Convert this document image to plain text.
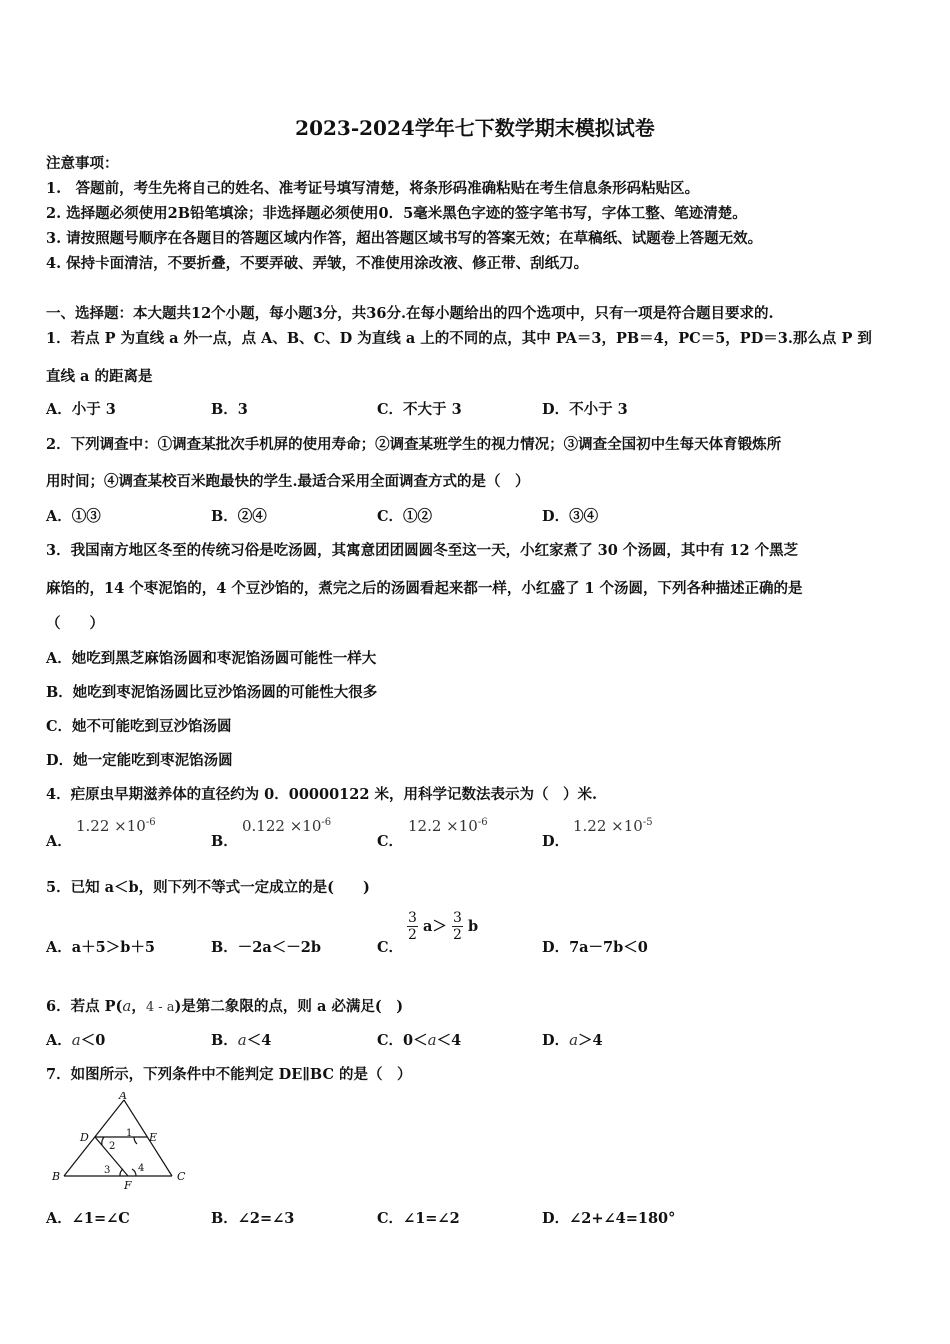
2023-2024学年七下数学期末模拟试卷
注意事项：
1.　答题前，考生先将自己的姓名、准考证号填写清楚，将条形码准确粘贴在考生信息条形码粘贴区。
2. 选择题必须使用2B铅笔填涂；非选择题必须使用0．5毫米黑色字迹的签字笔书写，字体工整、笔迹清楚。
3. 请按照题号顺序在各题目的答题区域内作答，超出答题区域书写的答案无效；在草稿纸、试题卷上答题无效。
4. 保持卡面清洁，不要折叠，不要弄破、弄皱，不准使用涂改液、修正带、刮纸刀。
一、选择题：本大题共12个小题，每小题3分，共36分.在每小题给出的四个选项中，只有一项是符合题目要求的.
1．若点 P 为直线 a 外一点，点 A、B、C、D 为直线 a 上的不同的点，其中 PA＝3，PB＝4，PC＝5，PD＝3.那么点 P 到
直线 a 的距离是
A．小于 3	B．3	C．不大于 3	D．不小于 3
2．下列调查中：①调查某批次手机屏的使用寿命；②调查某班学生的视力情况；③调查全国初中生每天体育锻炼所
用时间；④调查某校百米跑最快的学生.最适合采用全面调查方式的是（　）
A．①③	B．②④	C．①②	D．③④
3．我国南方地区冬至的传统习俗是吃汤圆，其寓意团团圆圆冬至这一天，小红家煮了 30 个汤圆，其中有 12 个黑芝
麻馅的，14 个枣泥馅的，4 个豆沙馅的，煮完之后的汤圆看起来都一样，小红盛了 1 个汤圆，下列各种描述正确的是
（　　）
A．她吃到黑芝麻馅汤圆和枣泥馅汤圆可能性一样大
B．她吃到枣泥馅汤圆比豆沙馅汤圆的可能性大很多
C．她不可能吃到豆沙馅汤圆
D．她一定能吃到枣泥馅汤圆
4．疟原虫早期滋养体的直径约为 0．00000122 米，用科学记数法表示为（　）米.
A．
$1.22 \times 10^{-6}$
B．
$0.122 \times 10^{-6}$
C．
$12.2 \times 10^{-6}$
D．
$1.22 \times 10^{-5}$
5．已知 a＜b，则下列不等式一定成立的是(　　)
A．a＋5＞b＋5	B．－2a＜－2b	C．
$\frac{3}{2} a> \frac{3}{2}$ b
D．7a－7b＜0
6．若点 P(a，4 - a)是第二象限的点，则 a 必满足(　)
A．a＜0	B．a＜4	C．0＜a＜4	D．a＞4
7．如图所示，下列条件中不能判定 DE∥BC 的是（　）
A
B	C
D	E
F
1
2
3	4
A．∠1=∠C	B．∠2=∠3	C．∠1=∠2	D．∠2+∠4=180°
